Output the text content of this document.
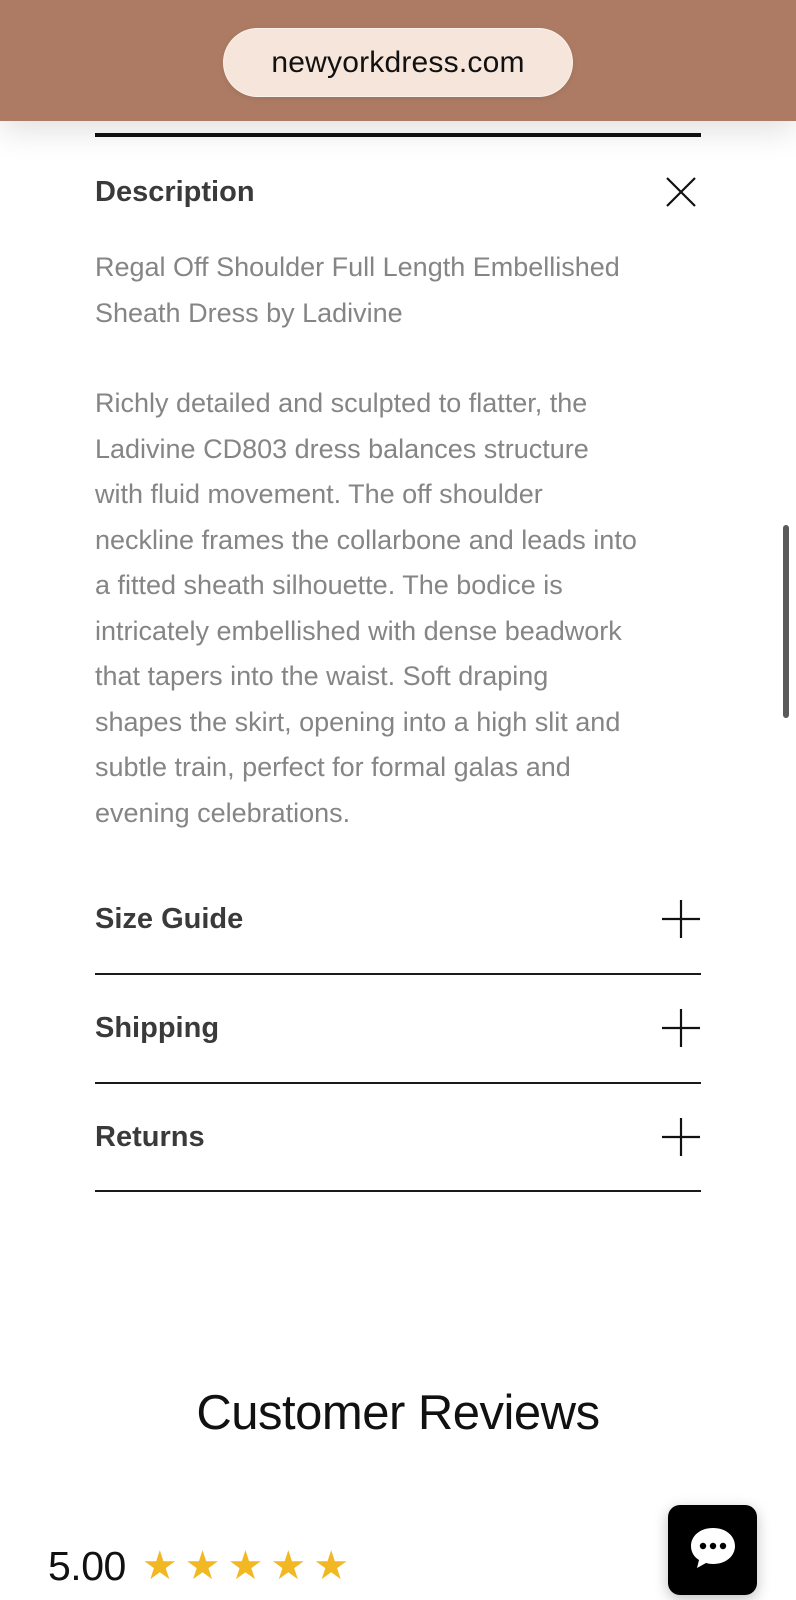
newyorkdress.com
Description
Regal Off Shoulder Full Length Embellished
Sheath Dress by Ladivine
Richly detailed and sculpted to flatter, the
Ladivine CD803 dress balances structure
with fluid movement. The off shoulder
neckline frames the collarbone and leads into
a fitted sheath silhouette. The bodice is
intricately embellished with dense beadwork
that tapers into the waist. Soft draping
shapes the skirt, opening into a high slit and
subtle train, perfect for formal galas and
evening celebrations.
Size Guide
Shipping
Returns
Customer Reviews
5.00 ★ ★ ★ ★ ★
